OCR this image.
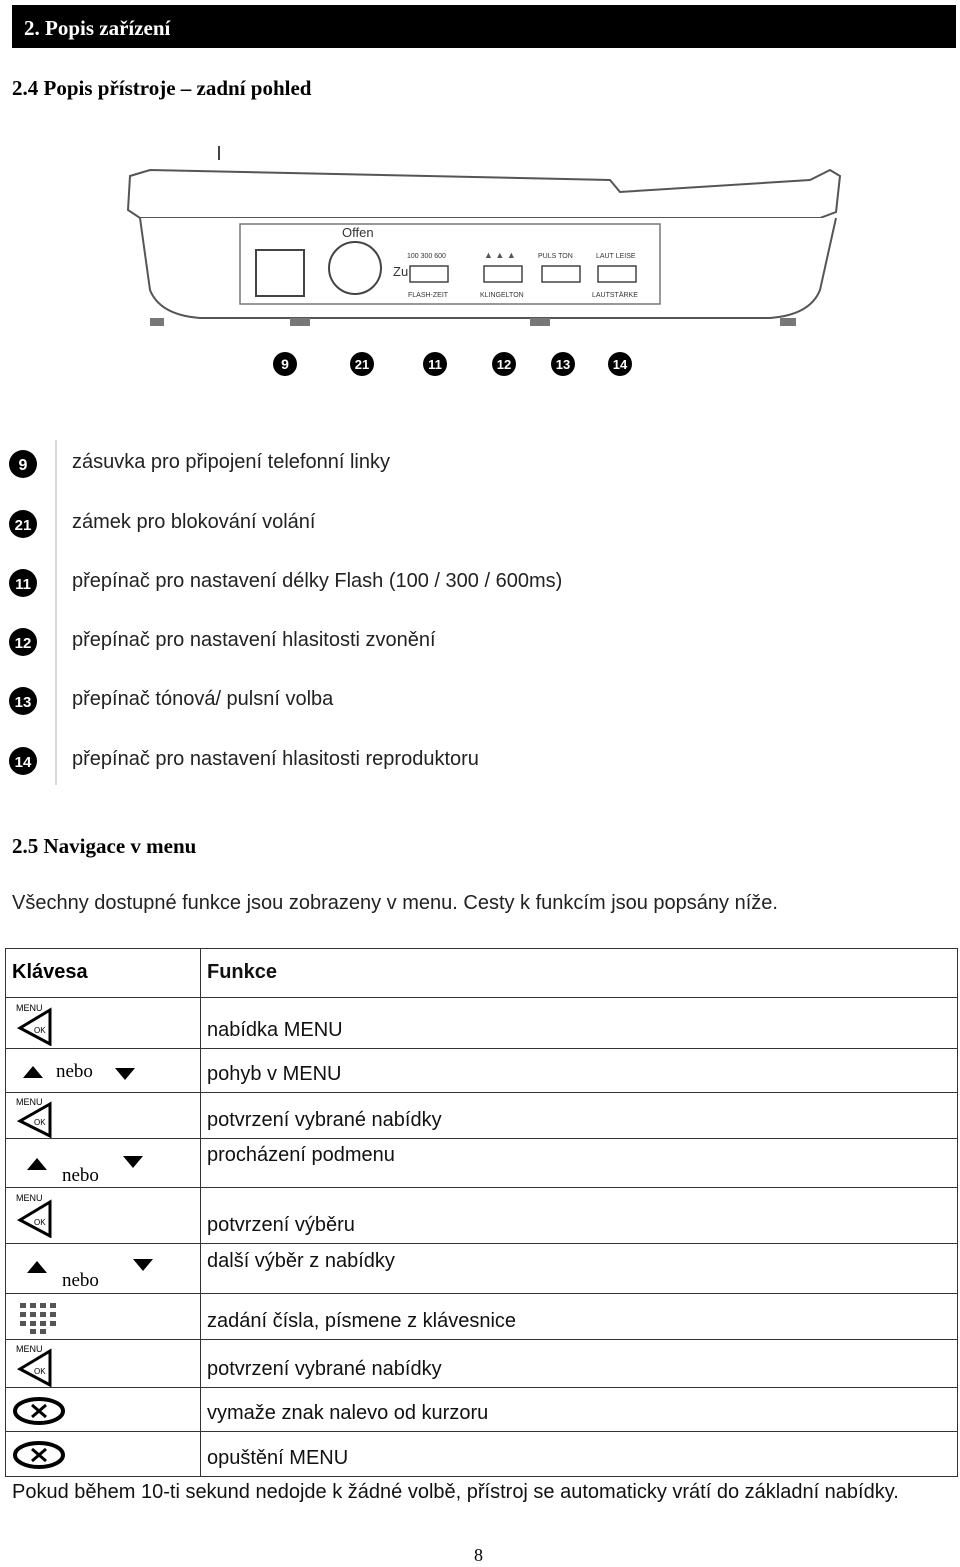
2. Popis zařízení
2.4 Popis přístroje – zadní pohled
Offen
Zu
100 300 600
FLASH-ZEIT	KLINGELTON
PULS TON	LAUT LEISE
LAUTSTÄRKE
▲ ▲ ▲
9	21	11	12	13	14
9 zásuvka pro připojení telefonní linky
21 zámek pro blokování volání
11 přepínač pro nastavení délky Flash (100 / 300 / 600ms)
12 přepínač pro nastavení hlasitosti zvonění
13 přepínač tónová/ pulsní volba
14 přepínač pro nastavení hlasitosti reproduktoru
2.5 Navigace v menu
Všechny dostupné funkce jsou zobrazeny v menu. Cesty k funkcím jsou popsány níže.
Klávesa	Funkce

MENU
OK	nabídka MENU

nebo	pohyb v MENU

MENU
OK	potvrzení vybrané nabídky

nebo	procházení podmenu

MENU
OK	potvrzení výběru

nebo	další výběr z nabídky

zadání čísla, písmene z klávesnice

MENU
OK	potvrzení vybrané nabídky

vymaže znak nalevo od kurzoru

opuštění MENU
Pokud během 10-ti sekund nedojde k žádné volbě, přístroj se automaticky vrátí do základní nabídky.
8
